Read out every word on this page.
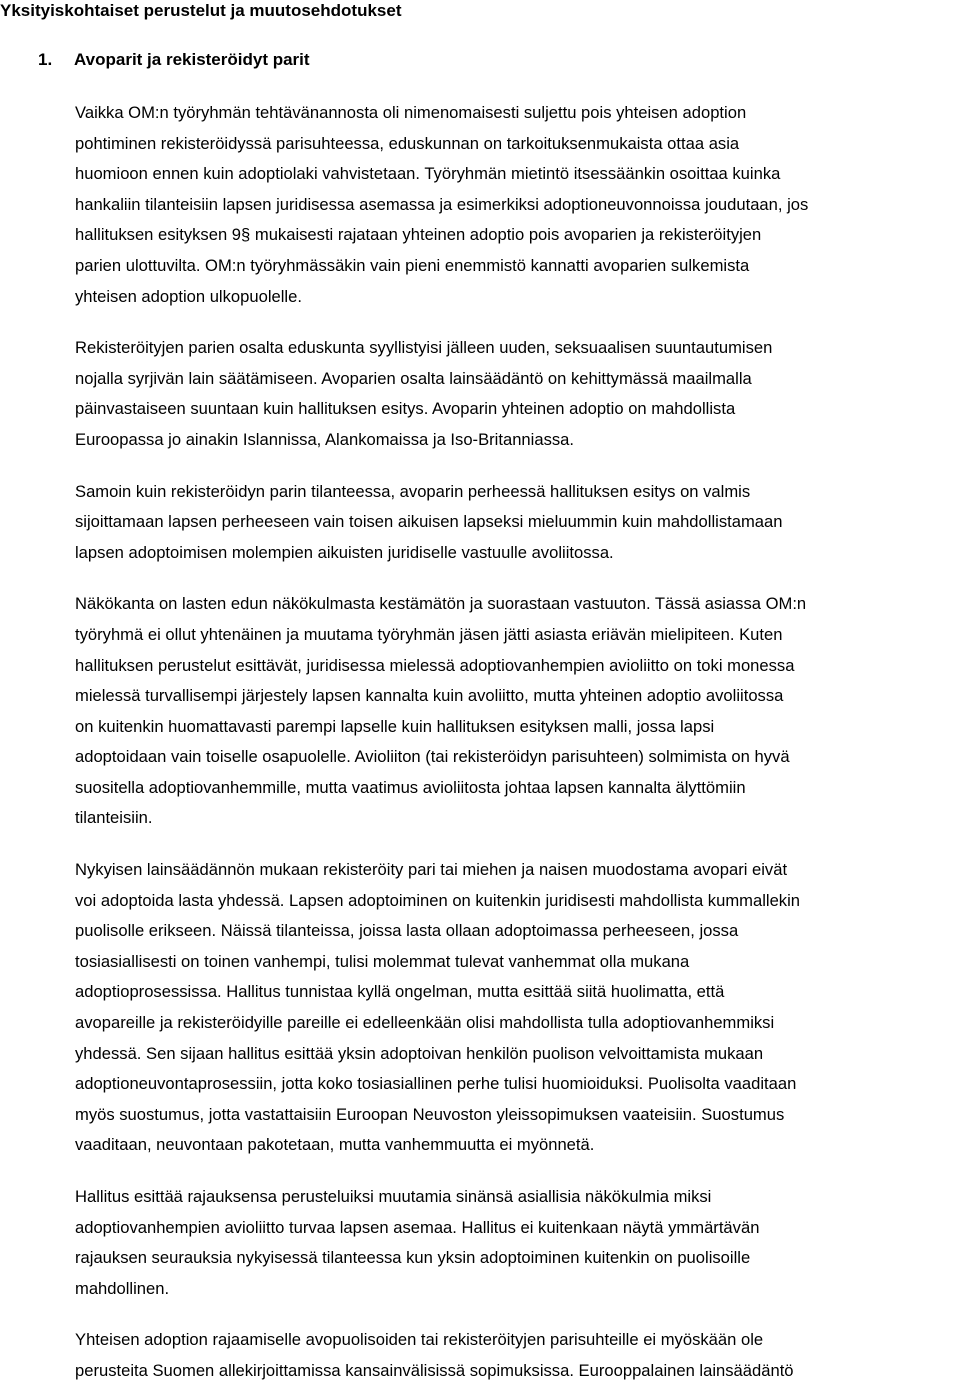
Yksityiskohtaiset perustelut ja muutosehdotukset
1. Avoparit ja rekisteröidyt parit

Vaikka OM:n työryhmän tehtävänannosta oli nimenomaisesti suljettu pois yhteisen adoption
pohtiminen rekisteröidyssä parisuhteessa, eduskunnan on tarkoituksenmukaista ottaa asia
huomioon ennen kuin adoptiolaki vahvistetaan. Työryhmän mietintö itsessäänkin osoittaa kuinka
hankaliin tilanteisiin lapsen juridisessa asemassa ja esimerkiksi adoptioneuvonnoissa joudutaan, jos
hallituksen esityksen 9§ mukaisesti rajataan yhteinen adoptio pois avoparien ja rekisteröityjen
parien ulottuvilta. OM:n työryhmässäkin vain pieni enemmistö kannatti avoparien sulkemista
yhteisen adoption ulkopuolelle.

Rekisteröityjen parien osalta eduskunta syyllistyisi jälleen uuden, seksuaalisen suuntautumisen
nojalla syrjivän lain säätämiseen. Avoparien osalta lainsäädäntö on kehittymässä maailmalla
päinvastaiseen suuntaan kuin hallituksen esitys. Avoparin yhteinen adoptio on mahdollista
Euroopassa jo ainakin Islannissa, Alankomaissa ja Iso-Britanniassa.

Samoin kuin rekisteröidyn parin tilanteessa, avoparin perheessä hallituksen esitys on valmis
sijoittamaan lapsen perheeseen vain toisen aikuisen lapseksi mieluummin kuin mahdollistamaan
lapsen adoptoimisen molempien aikuisten juridiselle vastuulle avoliitossa.

Näkökanta on lasten edun näkökulmasta kestämätön ja suorastaan vastuuton. Tässä asiassa OM:n
työryhmä ei ollut yhtenäinen ja muutama työryhmän jäsen jätti asiasta eriävän mielipiteen. Kuten
hallituksen perustelut esittävät, juridisessa mielessä adoptiovanhempien avioliitto on toki monessa
mielessä turvallisempi järjestely lapsen kannalta kuin avoliitto, mutta yhteinen adoptio avoliitossa
on kuitenkin huomattavasti parempi lapselle kuin hallituksen esityksen malli, jossa lapsi
adoptoidaan vain toiselle osapuolelle. Avioliiton (tai rekisteröidyn parisuhteen) solmimista on hyvä
suositella adoptiovanhemmille, mutta vaatimus avioliitosta johtaa lapsen kannalta älyttömiin
tilanteisiin.

Nykyisen lainsäädännön mukaan rekisteröity pari tai miehen ja naisen muodostama avopari eivät
voi adoptoida lasta yhdessä. Lapsen adoptoiminen on kuitenkin juridisesti mahdollista kummallekin
puolisolle erikseen. Näissä tilanteissa, joissa lasta ollaan adoptoimassa perheeseen, jossa
tosiasiallisesti on toinen vanhempi, tulisi molemmat tulevat vanhemmat olla mukana
adoptioprosessissa. Hallitus tunnistaa kyllä ongelman, mutta esittää siitä huolimatta, että
avopareille ja rekisteröidyille pareille ei edelleenkään olisi mahdollista tulla adoptiovanhemmiksi
yhdessä. Sen sijaan hallitus esittää yksin adoptoivan henkilön puolison velvoittamista mukaan
adoptioneuvontaprosessiin, jotta koko tosiasiallinen perhe tulisi huomioiduksi. Puolisolta vaaditaan
myös suostumus, jotta vastattaisiin Euroopan Neuvoston yleissopimuksen vaateisiin. Suostumus
vaaditaan, neuvontaan pakotetaan, mutta vanhemmuutta ei myönnetä.

Hallitus esittää rajauksensa perusteluiksi muutamia sinänsä asiallisia näkökulmia miksi
adoptiovanhempien avioliitto turvaa lapsen asemaa. Hallitus ei kuitenkaan näytä ymmärtävän
rajauksen seurauksia nykyisessä tilanteessa kun yksin adoptoiminen kuitenkin on puolisoille
mahdollinen.

Yhteisen adoption rajaamiselle avopuolisoiden tai rekisteröityjen parisuhteille ei myöskään ole
perusteita Suomen allekirjoittamissa kansainvälisissä sopimuksissa. Eurooppalainen lainsäädäntö
